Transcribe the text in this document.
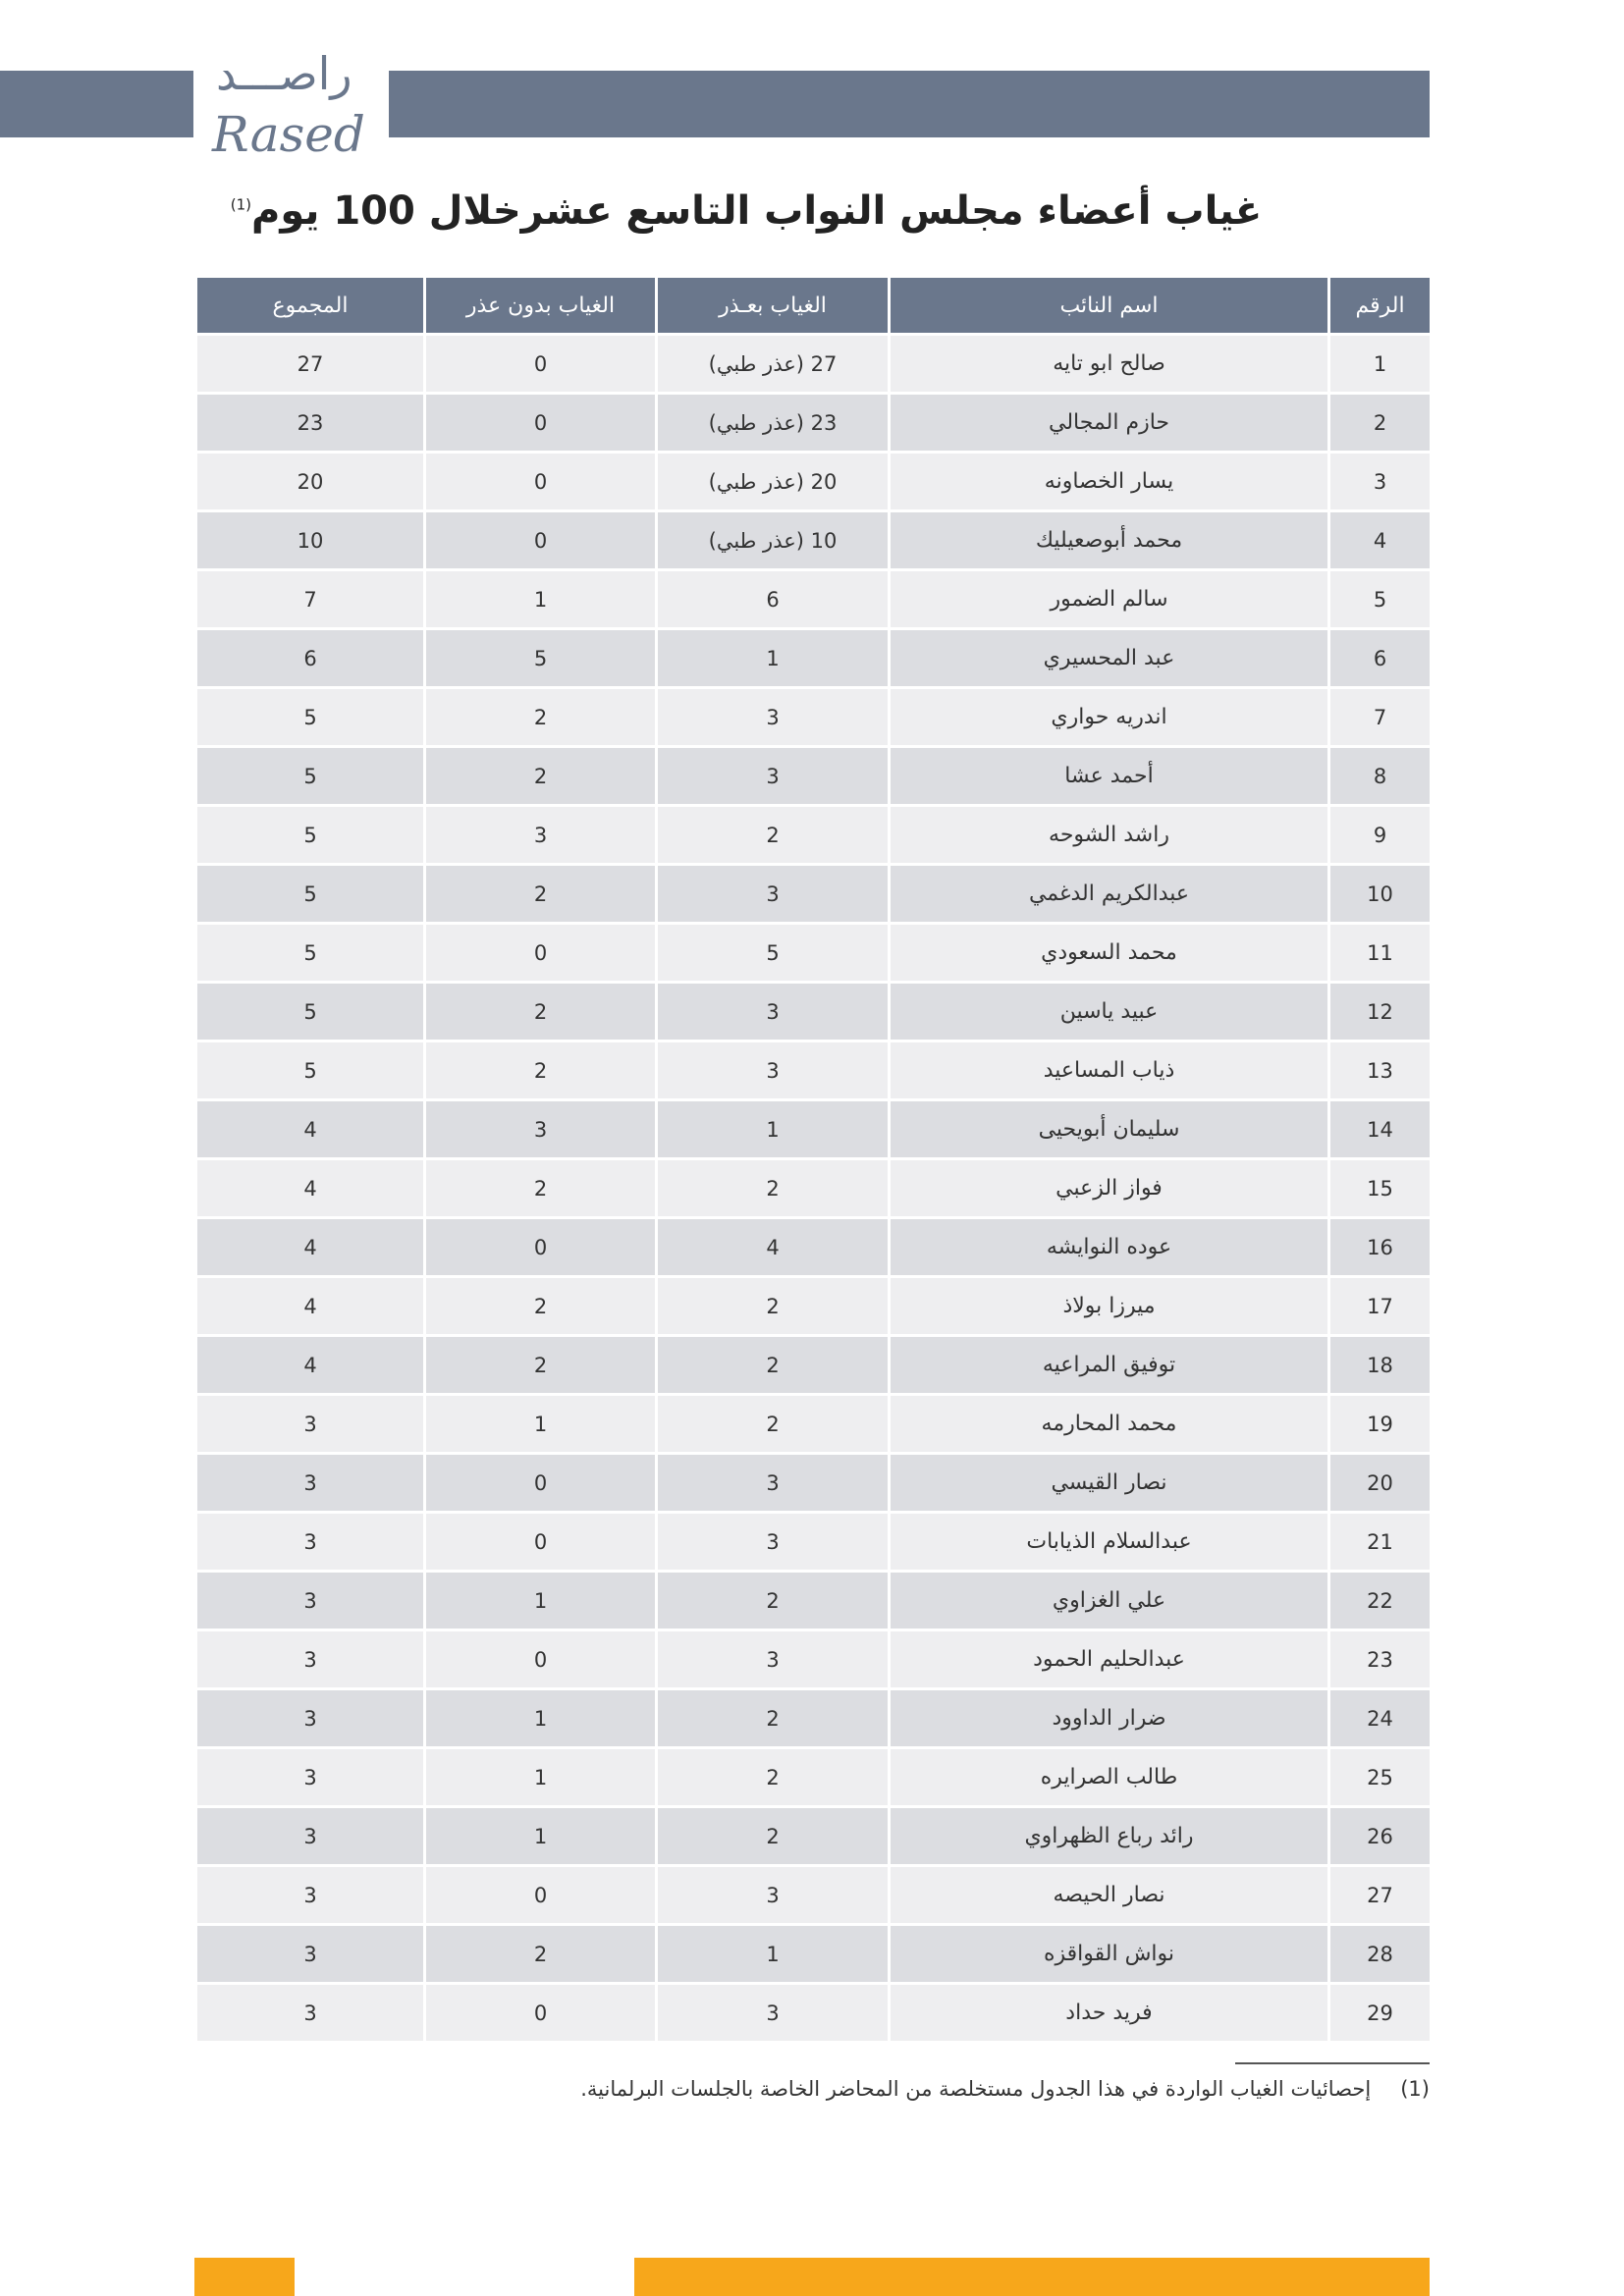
راصـــد
Rased
غياب أعضاء مجلس النواب التاسع عشرخلال 100 يوم$^{(1)}$
الرقم	اسم النائب	الغياب بعـذر	الغياب بدون عذر	المجموع
1	صالح ابو تايه	27 (عذر طبي)	0	27
2	حازم المجالي	23 (عذر طبي)	0	23
3	يسار الخصاونه	20 (عذر طبي)	0	20
4	محمد أبوصعيليك	10 (عذر طبي)	0	10
5	سالم الضمور	6	1	7
6	عبد المحسيري	1	5	6
7	اندريه حواري	3	2	5
8	أحمد عشا	3	2	5
9	راشد الشوحه	2	3	5
10	عبدالكريم الدغمي	3	2	5
11	محمد السعودي	5	0	5
12	عبيد ياسين	3	2	5
13	ذياب المساعيد	3	2	5
14	سليمان أبويحيى	1	3	4
15	فواز الزعبي	2	2	4
16	عوده النوايشه	4	0	4
17	ميرزا بولاذ	2	2	4
18	توفيق المراعيه	2	2	4
19	محمد المحارمه	2	1	3
20	نصار القيسي	3	0	3
21	عبدالسلام الذيابات	3	0	3
22	علي الغزاوي	2	1	3
23	عبدالحليم الحمود	3	0	3
24	ضرار الداوود	2	1	3
25	طالب الصرايره	2	1	3
26	رائد رباع الظهراوي	2	1	3
27	نصار الحيصه	3	0	3
28	نواش القواقزه	1	2	3
29	فريد حداد	3	0	3
(1)إحصائيات الغياب الواردة في هذا الجدول مستخلصة من المحاضر الخاصة بالجلسات البرلمانية.
